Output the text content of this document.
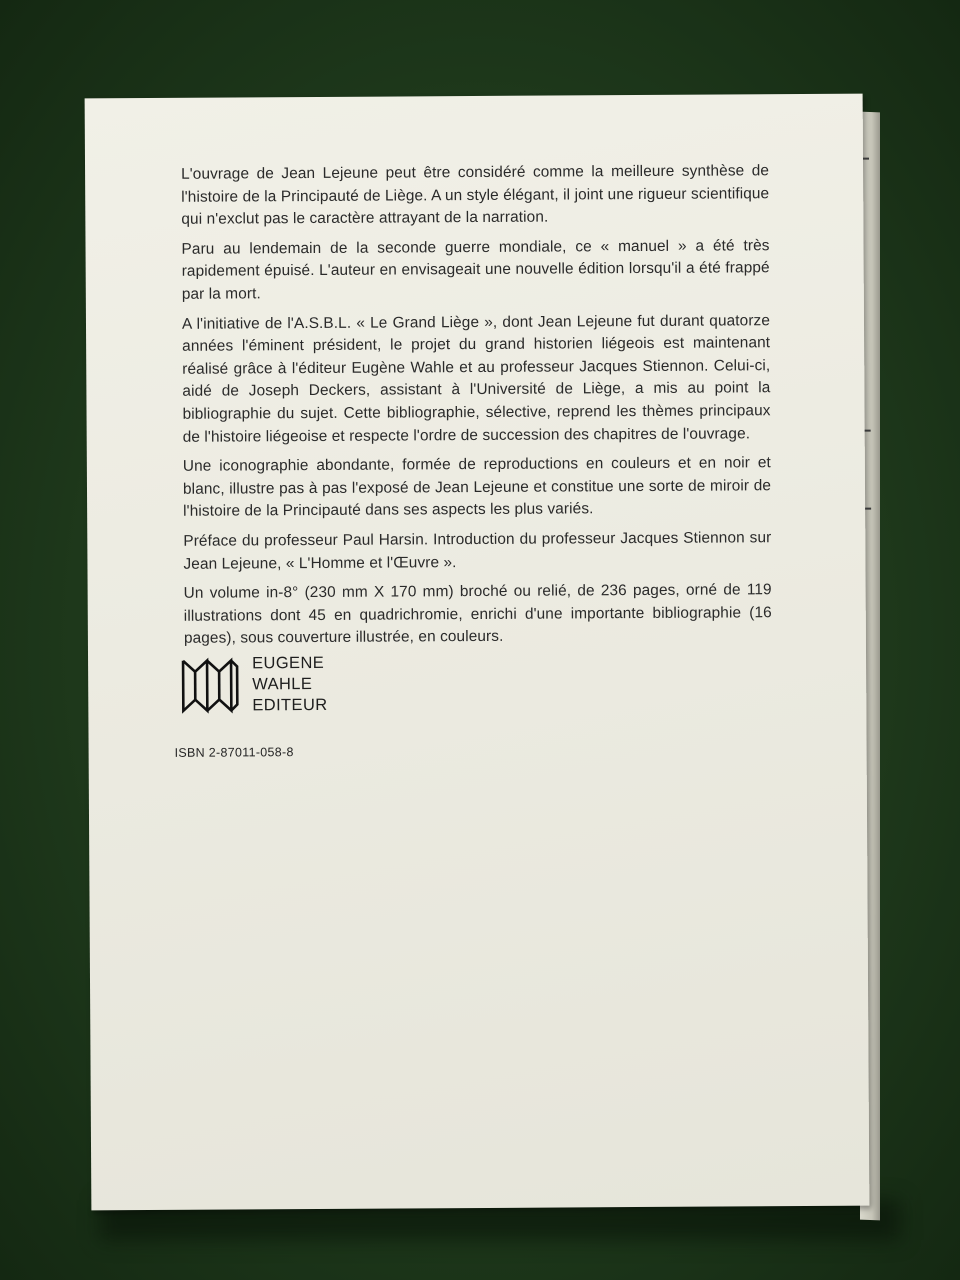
L'ouvrage de Jean Lejeune peut être considéré comme la meilleure synthèse de l'histoire de la Principauté de Liège. A un style élégant, il joint une rigueur scientifique qui n'exclut pas le caractère attrayant de la narration.

Paru au lendemain de la seconde guerre mondiale, ce « manuel » a été très rapidement épuisé. L'auteur en envisageait une nouvelle édition lorsqu'il a été frappé par la mort.

A l'initiative de l'A.S.B.L. « Le Grand Liège », dont Jean Lejeune fut durant quatorze années l'éminent président, le projet du grand historien liégeois est maintenant réalisé grâce à l'éditeur Eugène Wahle et au professeur Jacques Stiennon. Celui-ci, aidé de Joseph Deckers, assistant à l'Université de Liège, a mis au point la bibliographie du sujet. Cette bibliographie, sélective, reprend les thèmes principaux de l'histoire liégeoise et respecte l'ordre de succession des chapitres de l'ouvrage.

Une iconographie abondante, formée de reproductions en couleurs et en noir et blanc, illustre pas à pas l'exposé de Jean Lejeune et constitue une sorte de miroir de l'histoire de la Principauté dans ses aspects les plus variés.

Préface du professeur Paul Harsin. Introduction du professeur Jacques Stiennon sur Jean Lejeune, « L'Homme et l'Œuvre ».

Un volume in-8° (230 mm X 170 mm) broché ou relié, de 236 pages, orné de 119 illustrations dont 45 en quadrichromie, enrichi d'une importante bibliographie (16 pages), sous couverture illustrée, en couleurs.

EUGENE
WAHLE
EDITEUR
ISBN 2-87011-058-8
